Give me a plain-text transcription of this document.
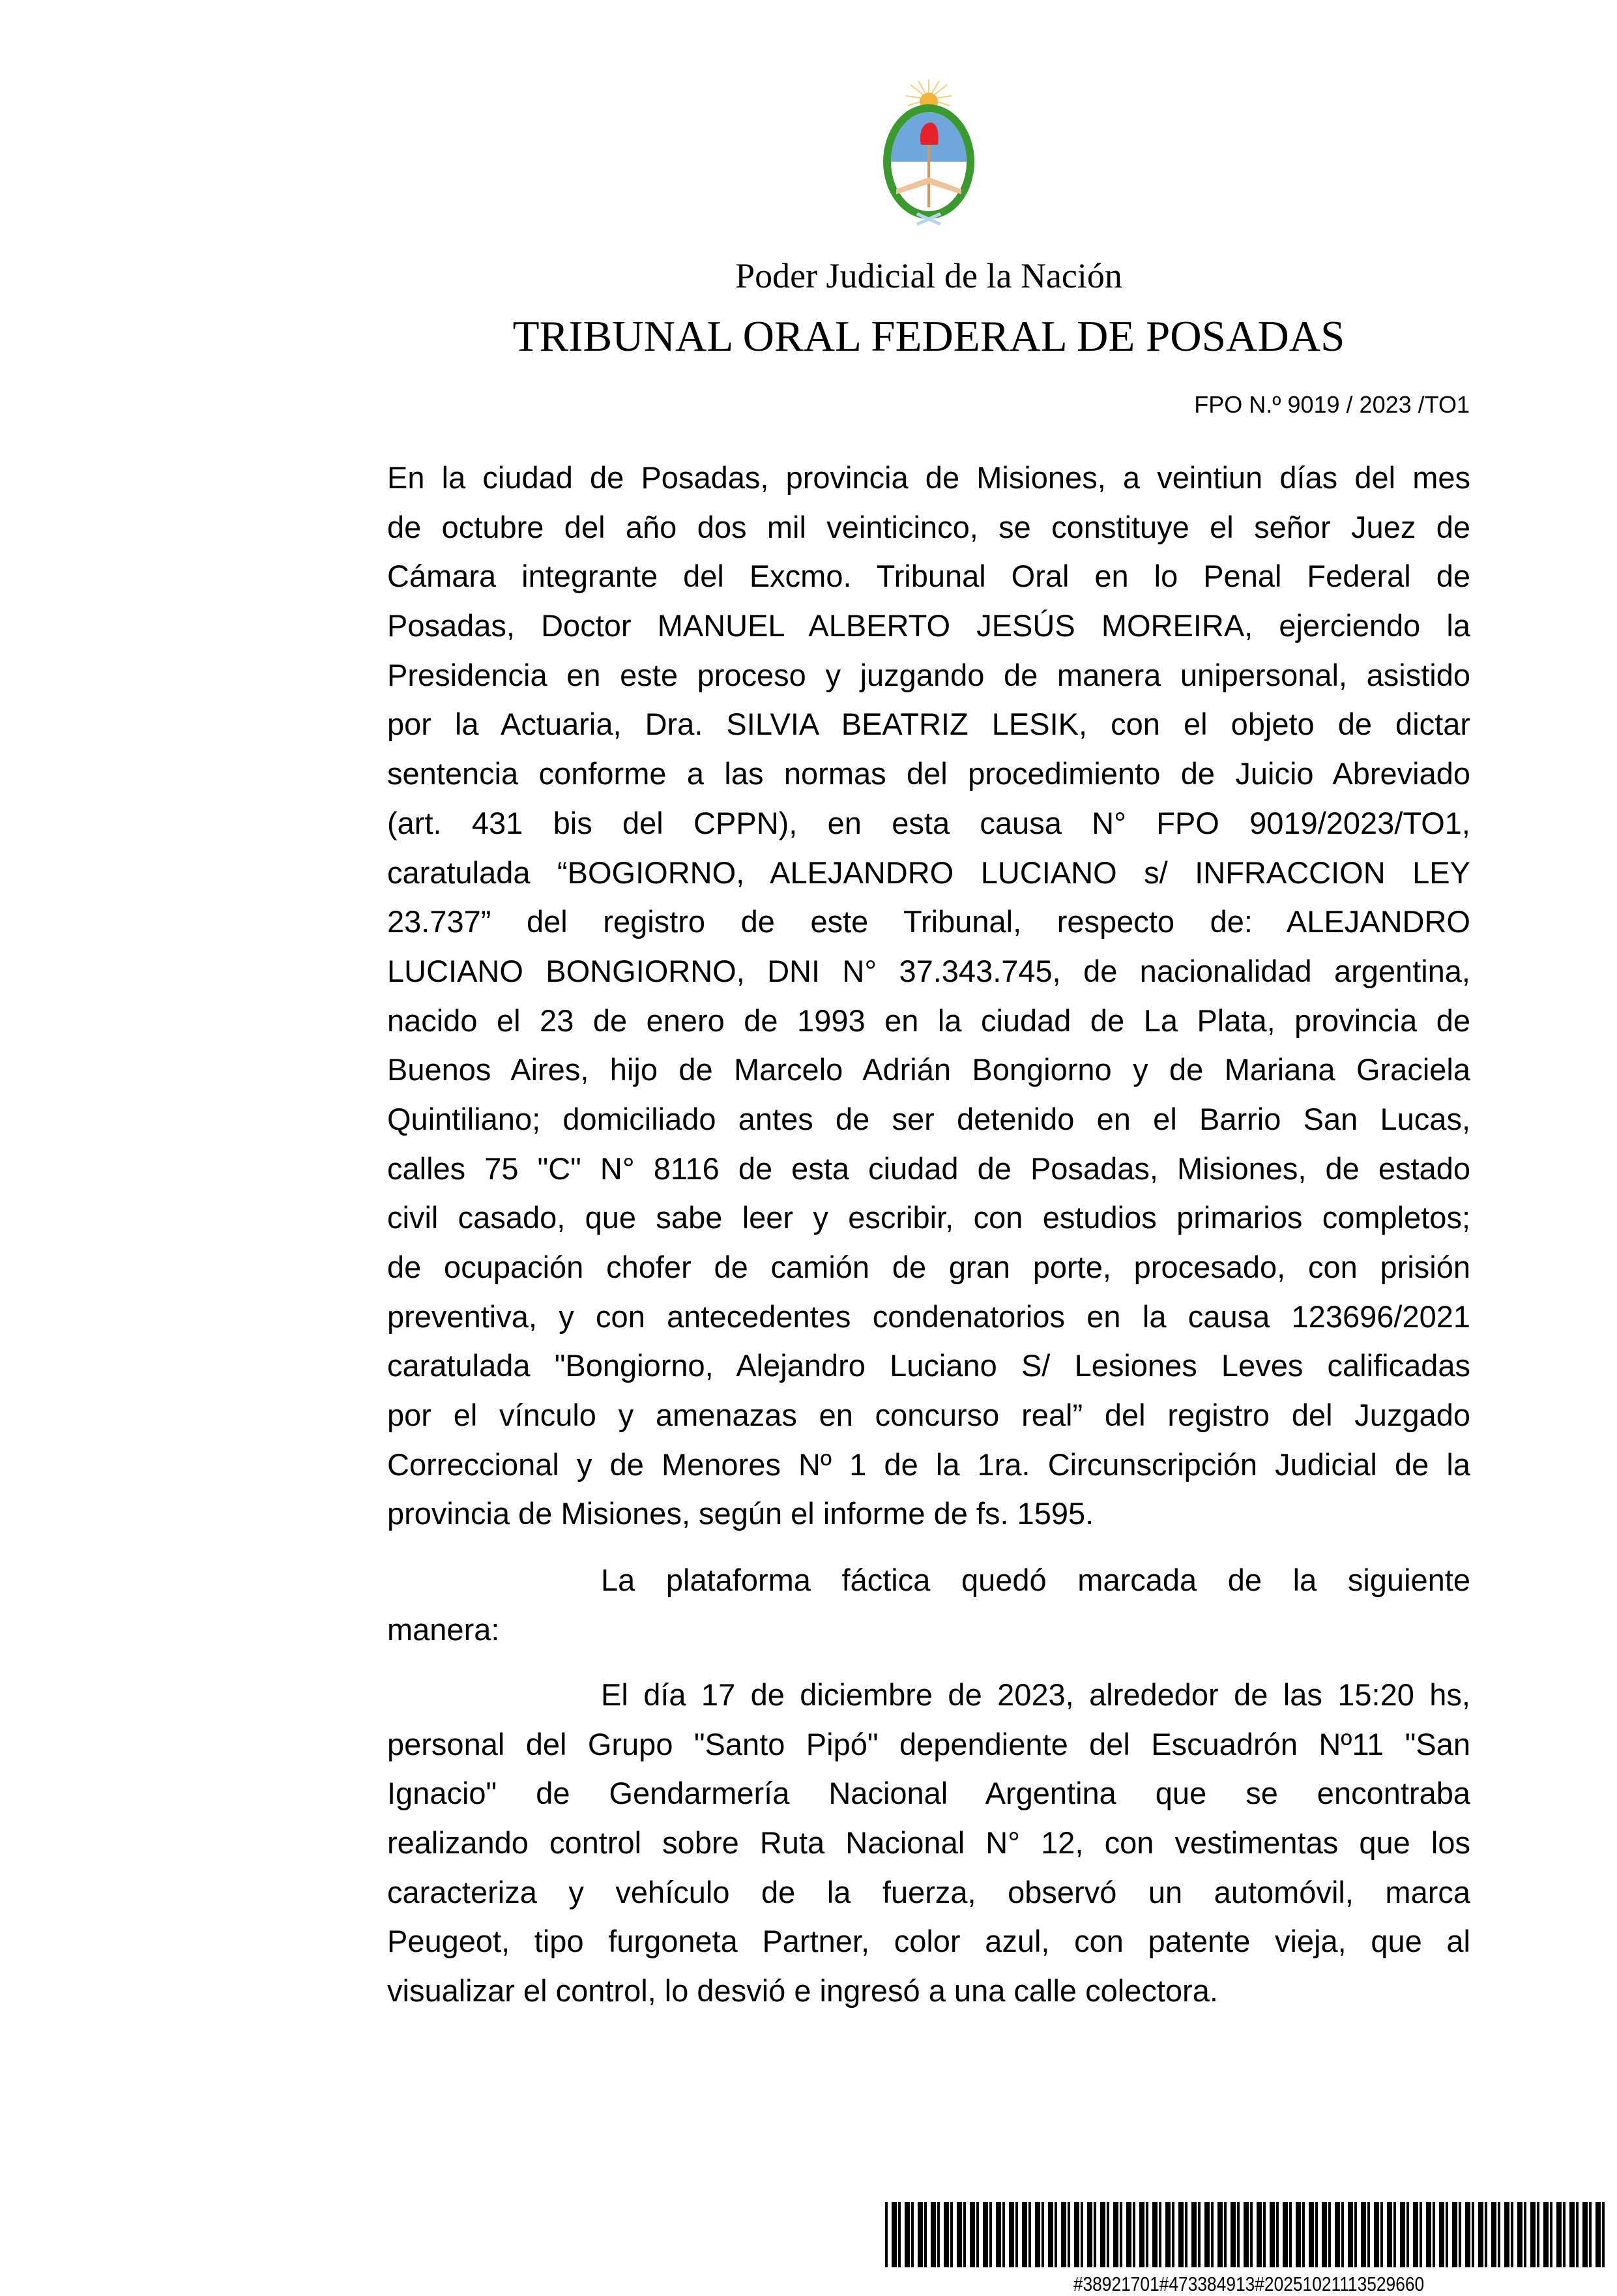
Poder Judicial de la Nación
TRIBUNAL ORAL FEDERAL DE POSADAS
FPO N.º 9019 / 2023 /TO1
En la ciudad de Posadas, provincia de Misiones, a veintiun días del mes
de octubre del año dos mil veinticinco, se constituye el señor Juez de
Cámara integrante del Excmo. Tribunal Oral en lo Penal Federal de
Posadas, Doctor MANUEL ALBERTO JESÚS MOREIRA, ejerciendo la
Presidencia en este proceso y juzgando de manera unipersonal, asistido
por la Actuaria, Dra. SILVIA BEATRIZ LESIK, con el objeto de dictar
sentencia conforme a las normas del procedimiento de Juicio Abreviado
(art. 431 bis del CPPN), en esta causa N° FPO 9019/2023/TO1,
caratulada “BOGIORNO, ALEJANDRO LUCIANO s/ INFRACCION LEY
23.737” del registro de este Tribunal, respecto de: ALEJANDRO
LUCIANO BONGIORNO, DNI N° 37.343.745, de nacionalidad argentina,
nacido el 23 de enero de 1993 en la ciudad de La Plata, provincia de
Buenos Aires, hijo de Marcelo Adrián Bongiorno y de Mariana Graciela
Quintiliano; domiciliado antes de ser detenido en el Barrio San Lucas,
calles 75 "C" N° 8116 de esta ciudad de Posadas, Misiones, de estado
civil casado, que sabe leer y escribir, con estudios primarios completos;
de ocupación chofer de camión de gran porte, procesado, con prisión
preventiva, y con antecedentes condenatorios en la causa 123696/2021
caratulada "Bongiorno, Alejandro Luciano S/ Lesiones Leves calificadas
por el vínculo y amenazas en concurso real” del registro del Juzgado
Correccional y de Menores Nº 1 de la 1ra. Circunscripción Judicial de la
provincia de Misiones, según el informe de fs. 1595.
La plataforma fáctica quedó marcada de la siguiente
manera:
El día 17 de diciembre de 2023, alrededor de las 15:20 hs,
personal del Grupo "Santo Pipó" dependiente del Escuadrón Nº11 "San
Ignacio" de Gendarmería Nacional Argentina que se encontraba
realizando control sobre Ruta Nacional N° 12, con vestimentas que los
caracteriza y vehículo de la fuerza, observó un automóvil, marca
Peugeot, tipo furgoneta Partner, color azul, con patente vieja, que al
visualizar el control, lo desvió e ingresó a una calle colectora.
#38921701#473384913#20251021113529660
